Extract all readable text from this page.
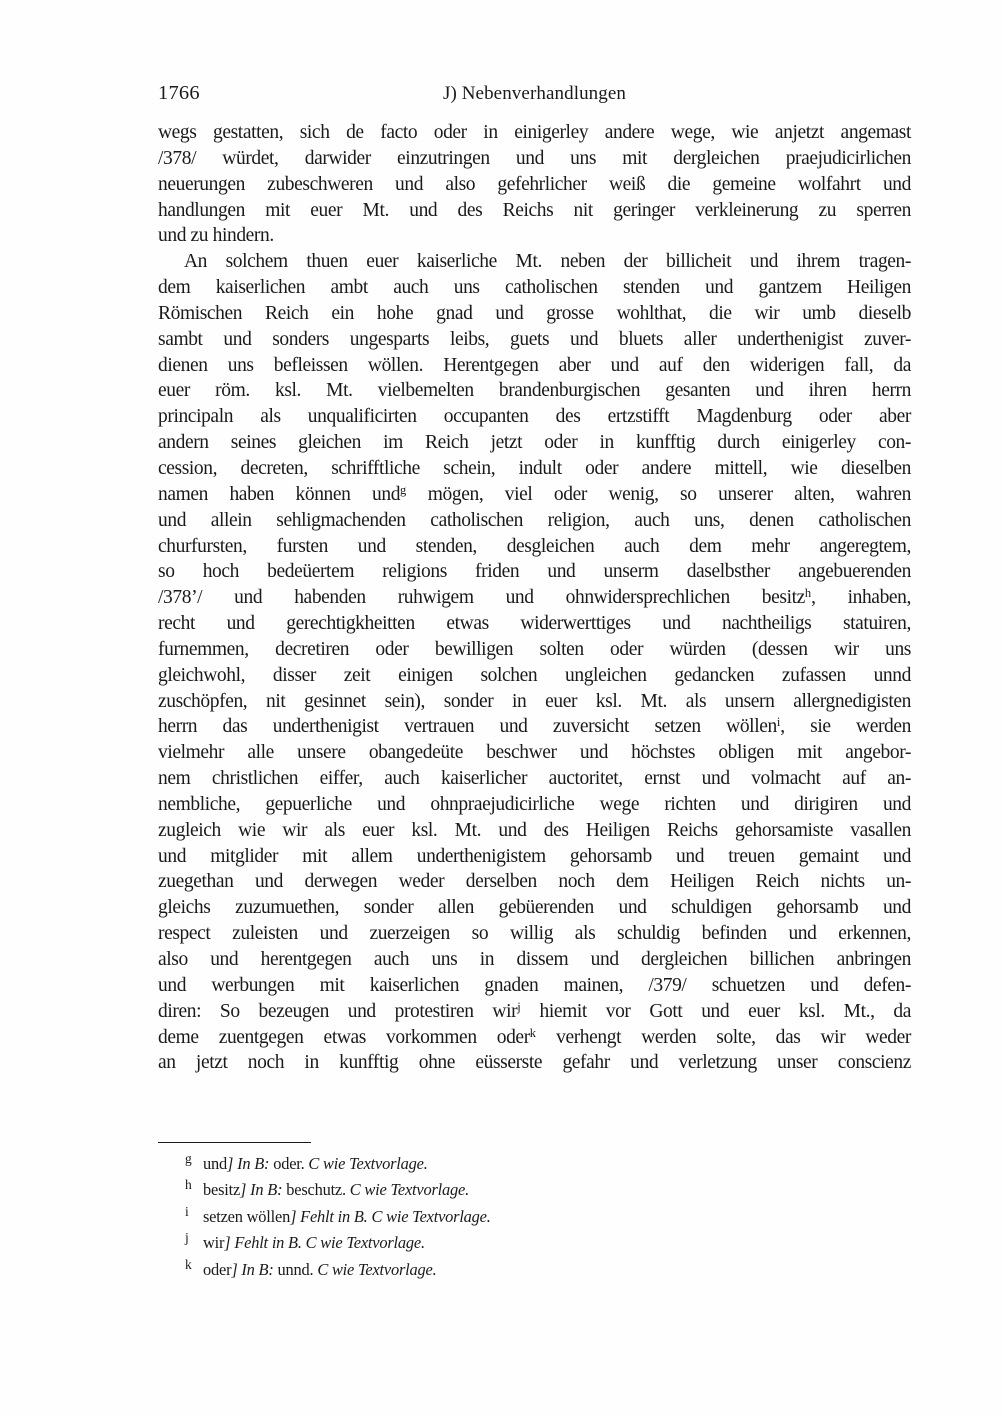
1766	J) Nebenverhandlungen
wegs gestatten, sich de facto oder in einigerley andere wege, wie anjetzt angemast
/378/ würdet, darwider einzutringen und uns mit dergleichen praejudicirlichen
neuerungen zubeschweren und also gefehrlicher weiß die gemeine wolfahrt und
handlungen mit euer Mt. und des Reichs nit geringer verkleinerung zu sperren
und zu hindern.
An solchem thuen euer kaiserliche Mt. neben der billicheit und ihrem tragen-
dem kaiserlichen ambt auch uns catholischen stenden und gantzem Heiligen
Römischen Reich ein hohe gnad und grosse wohlthat, die wir umb dieselb
sambt und sonders ungesparts leibs, guets und bluets aller underthenigist zuver-
dienen uns befleissen wöllen. Herentgegen aber und auf den widerigen fall, da
euer röm. ksl. Mt. vielbemelten brandenburgischen gesanten und ihren herrn
principaln als unqualificirten occupanten des ertzstifft Magdenburg oder aber
andern seines gleichen im Reich jetzt oder in kunfftig durch einigerley con-
cession, decreten, schrifftliche schein, indult oder andere mittell, wie dieselben
namen haben können und$^g$ mögen, viel oder wenig, so unserer alten, wahren
und allein sehligmachenden catholischen religion, auch uns, denen catholischen
churfursten, fursten und stenden, desgleichen auch dem mehr angeregtem,
so hoch bedeüertem religions friden und unserm daselbsther angebuerenden
/378’/ und habenden ruhwigem und ohnwidersprechlichen besitz$^h$, inhaben,
recht und gerechtigkheitten etwas widerwerttiges und nachtheiligs statuiren,
furnemmen, decretiren oder bewilligen solten oder würden (dessen wir uns
gleichwohl, disser zeit einigen solchen ungleichen gedancken zufassen unnd
zuschöpfen, nit gesinnet sein), sonder in euer ksl. Mt. als unsern allergnedigisten
herrn das underthenigist vertrauen und zuversicht setzen wöllen$^i$, sie werden
vielmehr alle unsere obangedeüte beschwer und höchstes obligen mit angebor-
nem christlichen eiffer, auch kaiserlicher auctoritet, ernst und volmacht auf an-
nembliche, gepuerliche und ohnpraejudicirliche wege richten und dirigiren und
zugleich wie wir als euer ksl. Mt. und des Heiligen Reichs gehorsamiste vasallen
und mitglider mit allem underthenigistem gehorsamb und treuen gemaint und
zuegethan und derwegen weder derselben noch dem Heiligen Reich nichts un-
gleichs zuzumuethen, sonder allen gebüerenden und schuldigen gehorsamb und
respect zuleisten und zuerzeigen so willig als schuldig befinden und erkennen,
also und herentgegen auch uns in dissem und dergleichen billichen anbringen
und werbungen mit kaiserlichen gnaden mainen, /379/ schuetzen und defen-
diren: So bezeugen und protestiren wir$^j$ hiemit vor Gott und euer ksl. Mt., da
deme zuentgegen etwas vorkommen oder$^k$ verhengt werden solte, das wir weder
an jetzt noch in kunfftig ohne eüsserste gefahr und verletzung unser conscienz
g und] In B: oder. C wie Textvorlage.
h besitz] In B: beschutz. C wie Textvorlage.
i setzen wöllen] Fehlt in B. C wie Textvorlage.
j wir] Fehlt in B. C wie Textvorlage.
k oder] In B: unnd. C wie Textvorlage.
